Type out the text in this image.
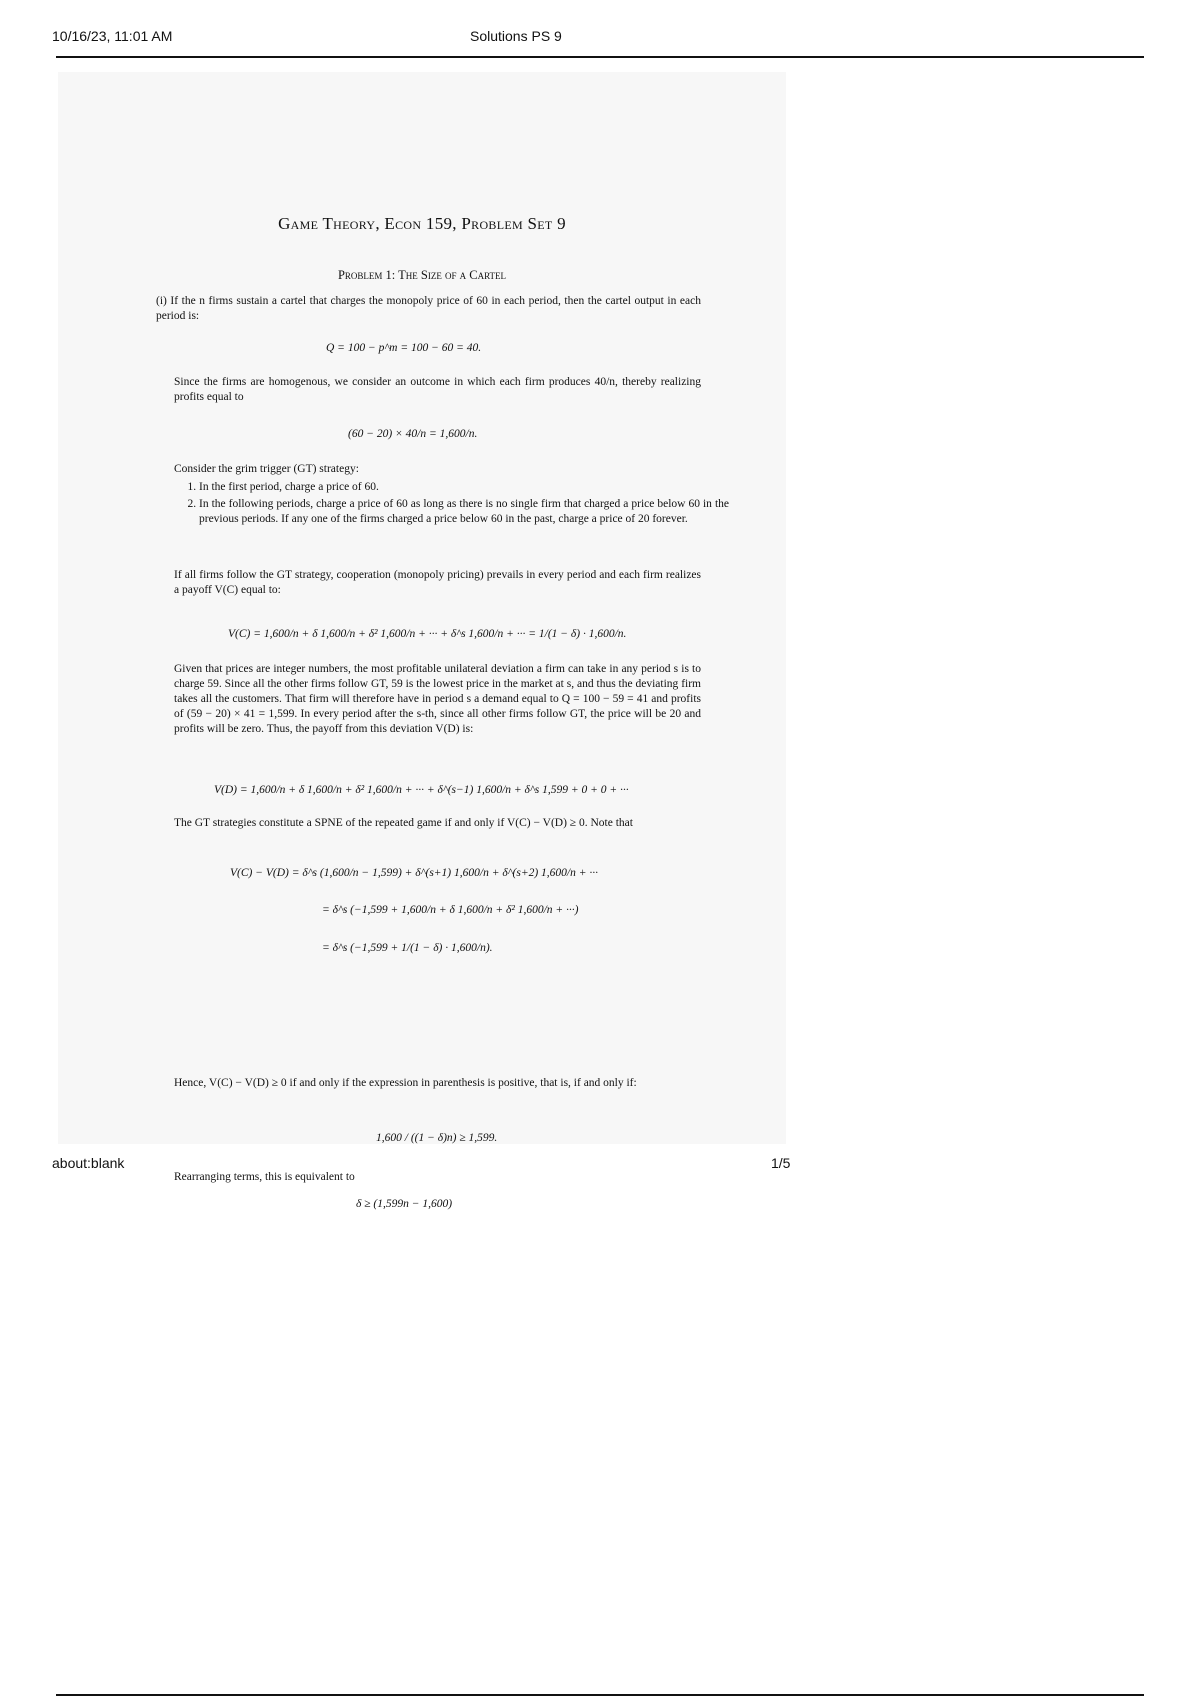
10/16/23, 11:01 AM	Solutions PS 9
Game Theory, Econ 159, Problem Set 9
Problem 1: The Size of a Cartel

(i) If the n firms sustain a cartel that charges the monopoly price of 60 in each period, then the cartel output in each period is:

Q = 100 − p^m = 100 − 60 = 40.

Since the firms are homogenous, we consider an outcome in which each firm produces 40/n, thereby realizing profits equal to

(60 − 20) × 40/n = 1,600/n.

Consider the grim trigger (GT) strategy:

1. In the first period, charge a price of 60.
2. In the following periods, charge a price of 60 as long as there is no single firm that charged a price below 60 in the previous periods. If any one of the firms charged a price below 60 in the past, charge a price of 20 forever.

If all firms follow the GT strategy, cooperation (monopoly pricing) prevails in every period and each firm realizes a payoff V(C) equal to:

V(C) = 1,600/n + δ 1,600/n + δ² 1,600/n + ··· + δ^s 1,600/n + ··· = 1/(1 − δ) · 1,600/n.

Given that prices are integer numbers, the most profitable unilateral deviation a firm can take in any period s is to charge 59. Since all the other firms follow GT, 59 is the lowest price in the market at s, and thus the deviating firm takes all the customers. That firm will therefore have in period s a demand equal to Q = 100 − 59 = 41 and profits of (59 − 20) × 41 = 1,599. In every period after the s-th, since all other firms follow GT, the price will be 20 and profits will be zero. Thus, the payoff from this deviation V(D) is:

V(D) = 1,600/n + δ 1,600/n + δ² 1,600/n + ··· + δ^(s−1) 1,600/n + δ^s 1,599 + 0 + 0 + ···

The GT strategies constitute a SPNE of the repeated game if and only if V(C) − V(D) ≥ 0. Note that

V(C) − V(D) = δ^s (1,600/n − 1,599) + δ^(s+1) 1,600/n + δ^(s+2) 1,600/n + ···
= δ^s (−1,599 + 1,600/n + δ 1,600/n + δ² 1,600/n + ···)
= δ^s (−1,599 + 1/(1 − δ) · 1,600/n).

Hence, V(C) − V(D) ≥ 0 if and only if the expression in parenthesis is positive, that is, if and only if:

1,600 / ((1 − δ)n) ≥ 1,599.

Rearranging terms, this is equivalent to

δ ≥ (1,599n − 1,600)
about:blank	1/5
